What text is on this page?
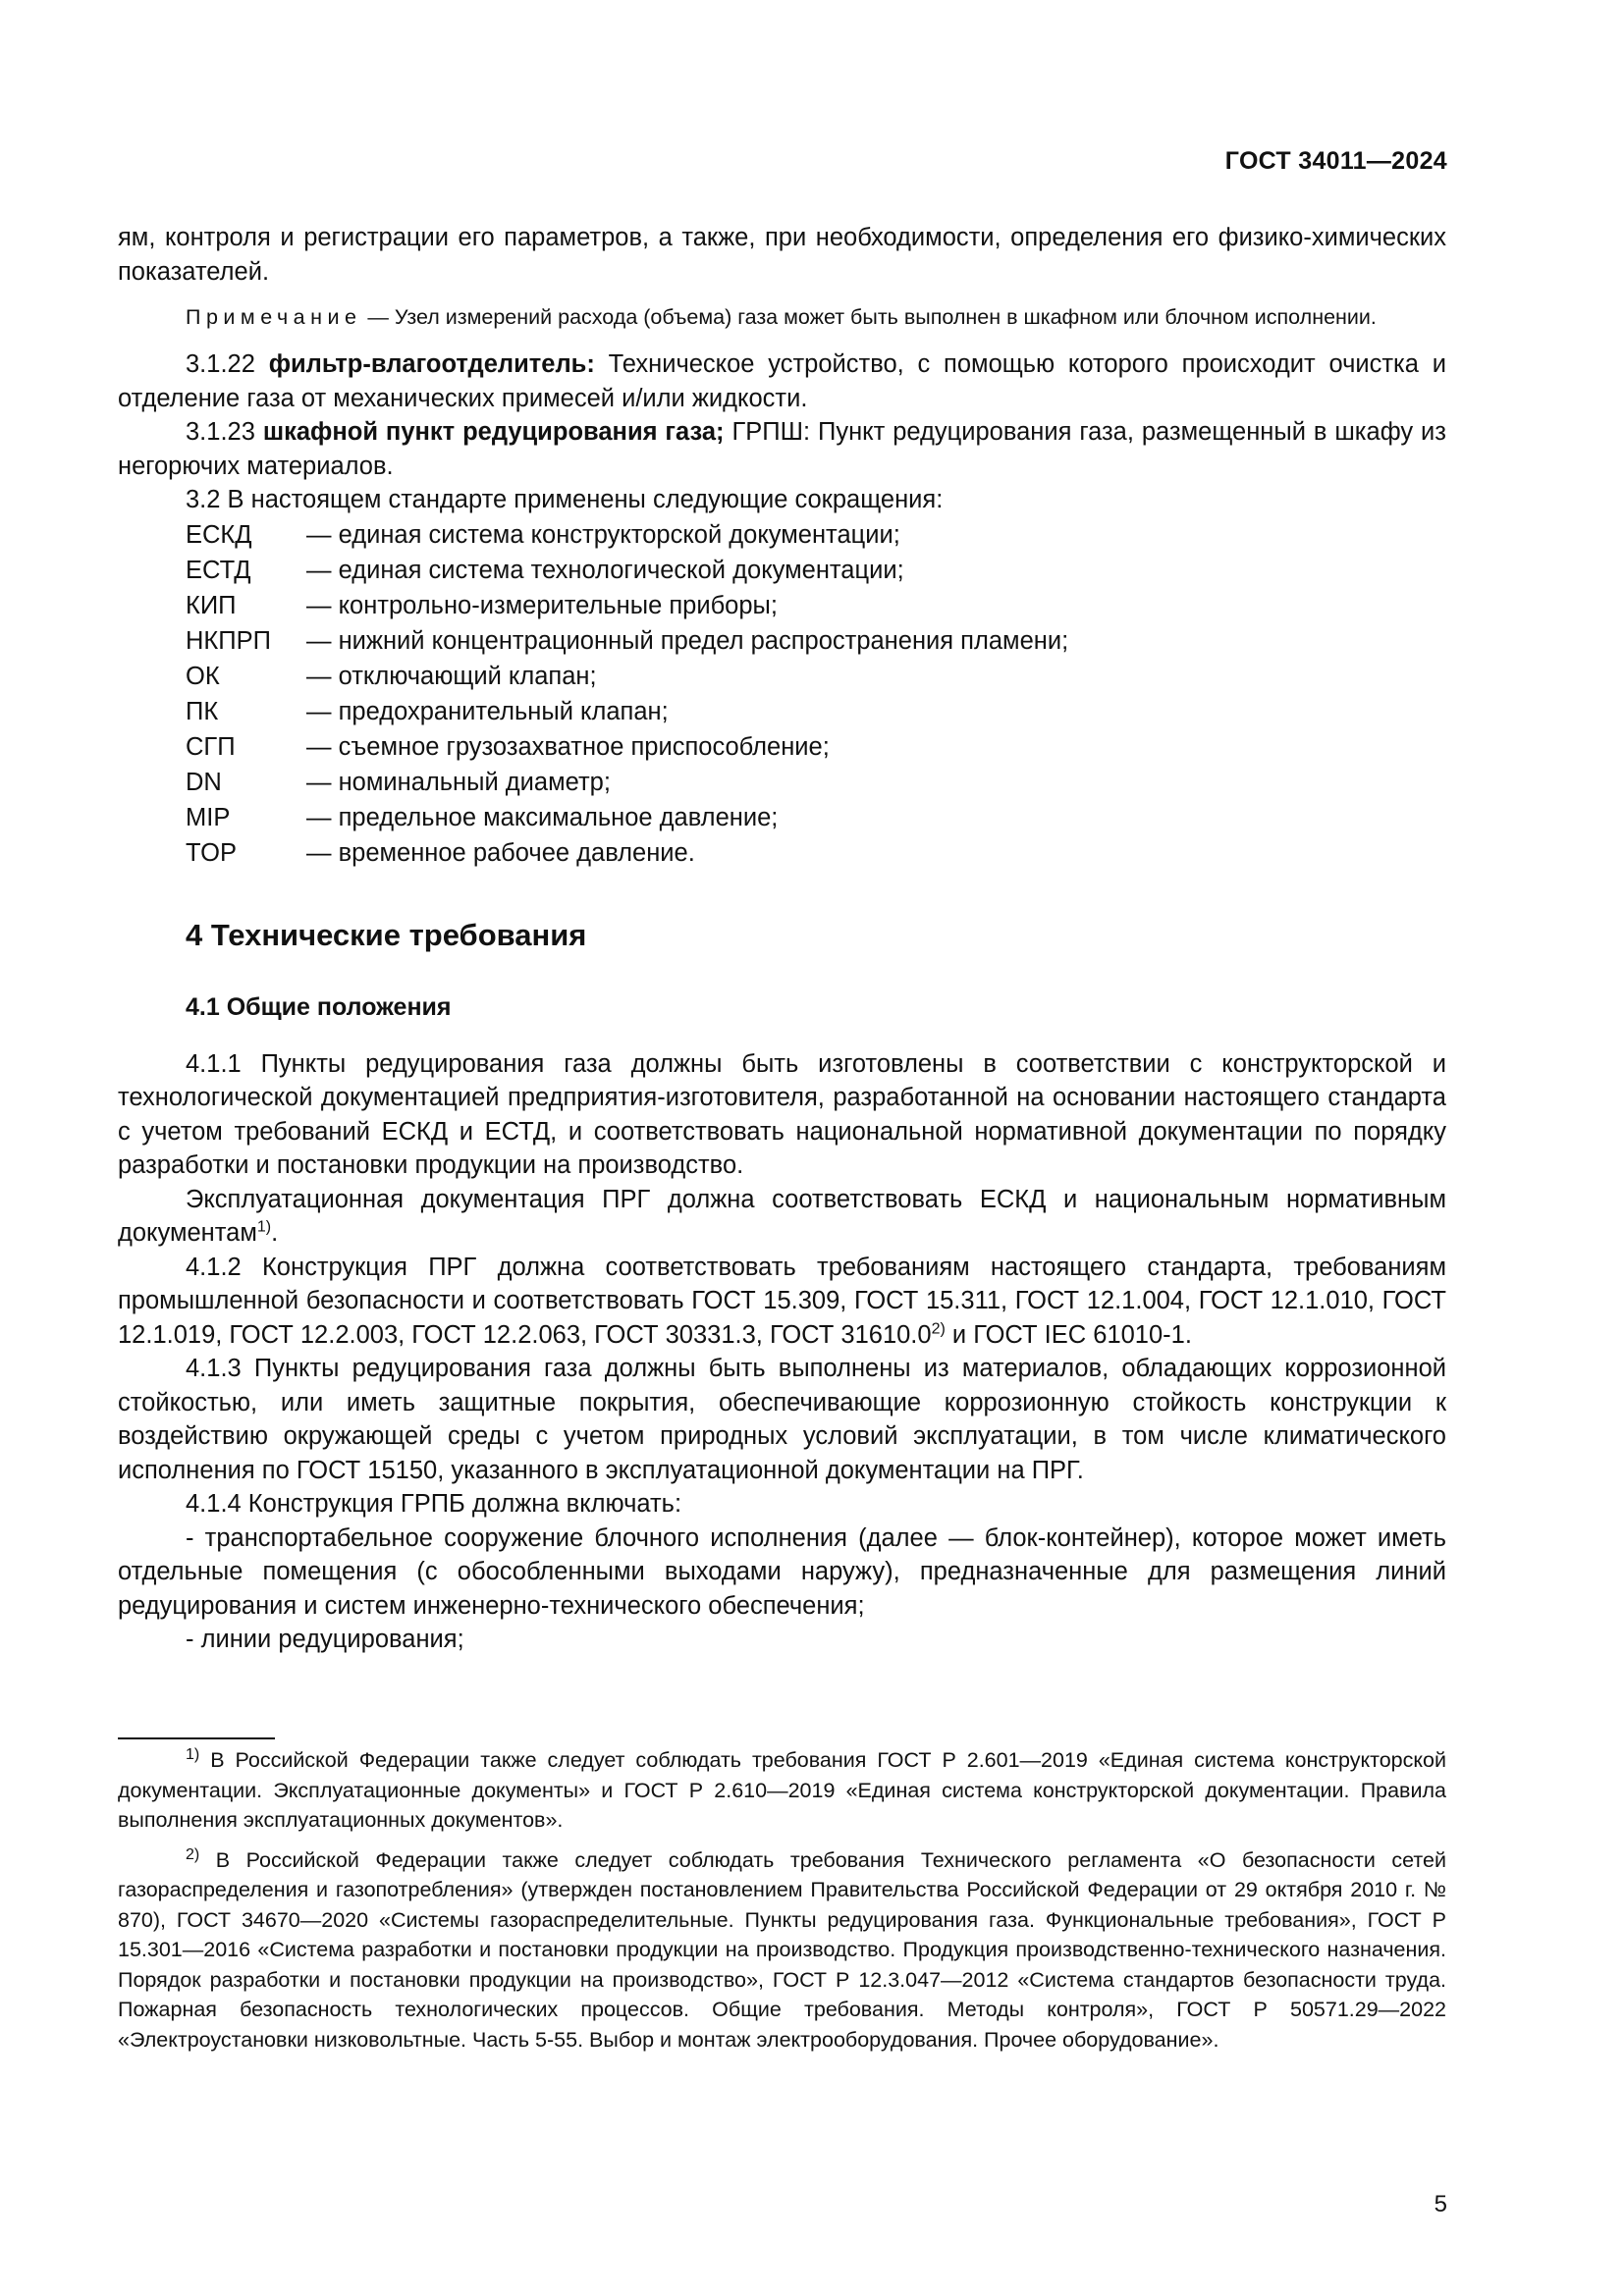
ГОСТ 34011—2024

ям, контроля и регистрации его параметров, а также, при необходимости, определения его физико-химических показателей.

Примечание — Узел измерений расхода (объема) газа может быть выполнен в шкафном или блочном исполнении.

3.1.22 фильтр-влагоотделитель: Техническое устройство, с помощью которого происходит очистка и отделение газа от механических примесей и/или жидкости.

3.1.23 шкафной пункт редуцирования газа; ГРПШ: Пункт редуцирования газа, размещенный в шкафу из негорючих материалов.

3.2 В настоящем стандарте применены следующие сокращения:

ЕСКД	— единая система конструкторской документации;
ЕСТД	— единая система технологической документации;
КИП	— контрольно-измерительные приборы;
НКПРП	— нижний концентрационный предел распространения пламени;
ОК	— отключающий клапан;
ПК	— предохранительный клапан;
СГП	— съемное грузозахватное приспособление;
DN	— номинальный диаметр;
MIP	— предельное максимальное давление;
TOP	— временное рабочее давление.
4 Технические требования
4.1 Общие положения

4.1.1 Пункты редуцирования газа должны быть изготовлены в соответствии с конструкторской и технологической документацией предприятия-изготовителя, разработанной на основании настоящего стандарта с учетом требований ЕСКД и ЕСТД, и соответствовать национальной нормативной документации по порядку разработки и постановки продукции на производство.

Эксплуатационная документация ПРГ должна соответствовать ЕСКД и национальным нормативным документам$^{1)}$.

4.1.2 Конструкция ПРГ должна соответствовать требованиям настоящего стандарта, требованиям промышленной безопасности и соответствовать ГОСТ 15.309, ГОСТ 15.311, ГОСТ 12.1.004, ГОСТ 12.1.010, ГОСТ 12.1.019, ГОСТ 12.2.003, ГОСТ 12.2.063, ГОСТ 30331.3, ГОСТ 31610.0$^{2)}$ и ГОСТ IEC 61010-1.

4.1.3 Пункты редуцирования газа должны быть выполнены из материалов, обладающих коррозионной стойкостью, или иметь защитные покрытия, обеспечивающие коррозионную стойкость конструкции к воздействию окружающей среды с учетом природных условий эксплуатации, в том числе климатического исполнения по ГОСТ 15150, указанного в эксплуатационной документации на ПРГ.

4.1.4 Конструкция ГРПБ должна включать:

- транспортабельное сооружение блочного исполнения (далее — блок-контейнер), которое может иметь отдельные помещения (с обособленными выходами наружу), предназначенные для размещения линий редуцирования и систем инженерно-технического обеспечения;

- линии редуцирования;

$^{1)}$ В Российской Федерации также следует соблюдать требования ГОСТ Р 2.601—2019 «Единая система конструкторской документации. Эксплуатационные документы» и ГОСТ Р 2.610—2019 «Единая система конструкторской документации. Правила выполнения эксплуатационных документов».

$^{2)}$ В Российской Федерации также следует соблюдать требования Технического регламента «О безопасности сетей газораспределения и газопотребления» (утвержден постановлением Правительства Российской Федерации от 29 октября 2010 г. № 870), ГОСТ 34670—2020 «Системы газораспределительные. Пункты редуцирования газа. Функциональные требования», ГОСТ Р 15.301—2016 «Система разработки и постановки продукции на производство. Продукция производственно-технического назначения. Порядок разработки и постановки продукции на производство», ГОСТ Р 12.3.047—2012 «Система стандартов безопасности труда. Пожарная безопасность технологических процессов. Общие требования. Методы контроля», ГОСТ Р 50571.29—2022 «Электроустановки низковольтные. Часть 5-55. Выбор и монтаж электрооборудования. Прочее оборудование».

5
